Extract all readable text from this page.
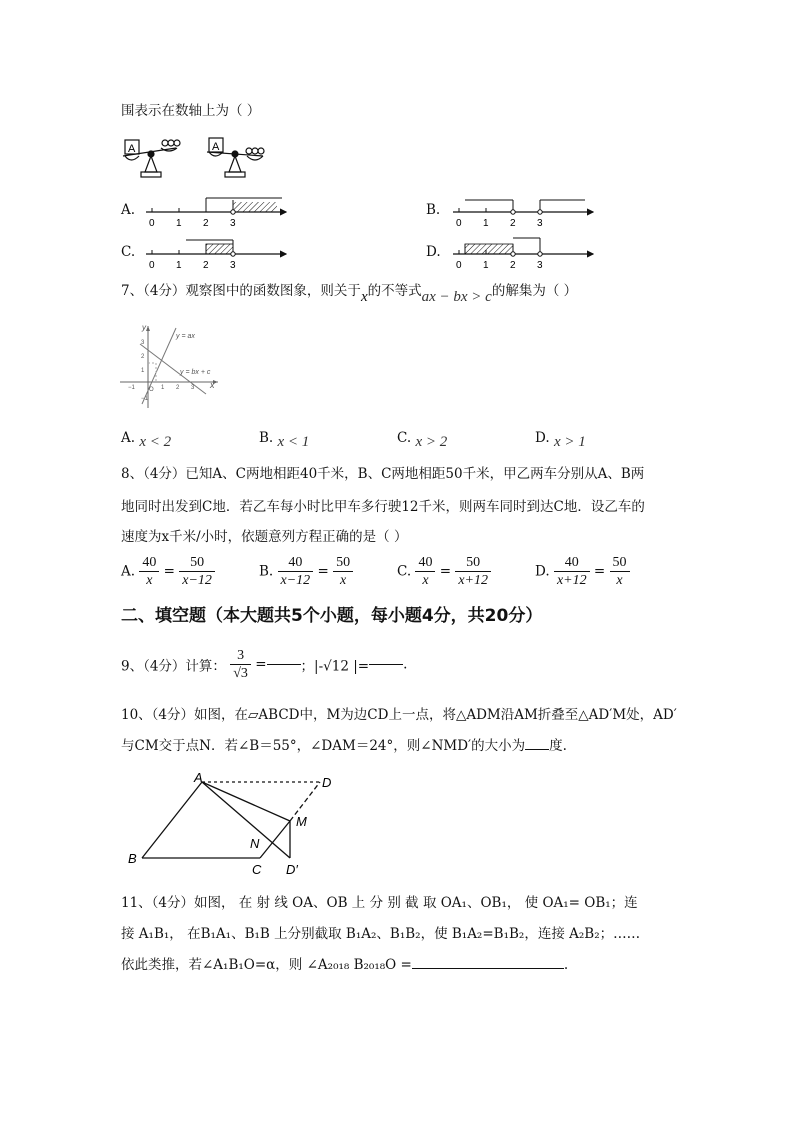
围表示在数轴上为（ ）
A	A
A.	B.
C.	D.
0 1 2 3	0 1 2 3
0 1 2 3	0 1 2 3
7、（4分）观察图中的函数图象，则关于x的不等式ax − bx > c的解集为（ ）
y = ax
y = bx + c
x
y
−1	1 2 3
3
2
1
−1
O
A. x < 2	B. x < 1	C. x > 2	D. x > 1
8、（4分）已知A、C两地相距40千米，B、C两地相距50千米，甲乙两车分别从A、B两
地同时出发到C地．若乙车每小时比甲车多行驶12千米，则两车同时到达C地．设乙车的
速度为x千米/小时，依题意列方程正确的是（ ）
A. $\frac{40}{x} = \frac{50}{x-12}$	B. $\frac{40}{x-12} = \frac{50}{x}$	C. $\frac{40}{x} = \frac{50}{x+12}$	D. $\frac{40}{x+12} = \frac{50}{x}$
二、填空题（本大题共5个小题，每小题4分，共20分）
9、（4分）计算： $\frac{3}{√3}$ =	；|-√12 |=	.
10、（4分）如图，在▱ABCD中，M为边CD上一点，将△ADM沿AM折叠至△AD′M处，AD′
与CM交于点N．若∠B＝55°，∠DAM＝24°，则∠NMD′的大小为 度.
A
B
C
D
M
N
D′
11、（4分）如图， 在 射 线 OA、OB 上 分 别 截 取 OA₁、OB₁， 使 OA₁= OB₁；连
接 A₁B₁， 在B₁A₁、B₁B 上分别截取 B₁A₂、B₁B₂，使 B₁A₂=B₁B₂，连接 A₂B₂；……
依此类推，若∠A₁B₁O=α，则 ∠A₂₀₁₈ B₂₀₁₈O =	.
